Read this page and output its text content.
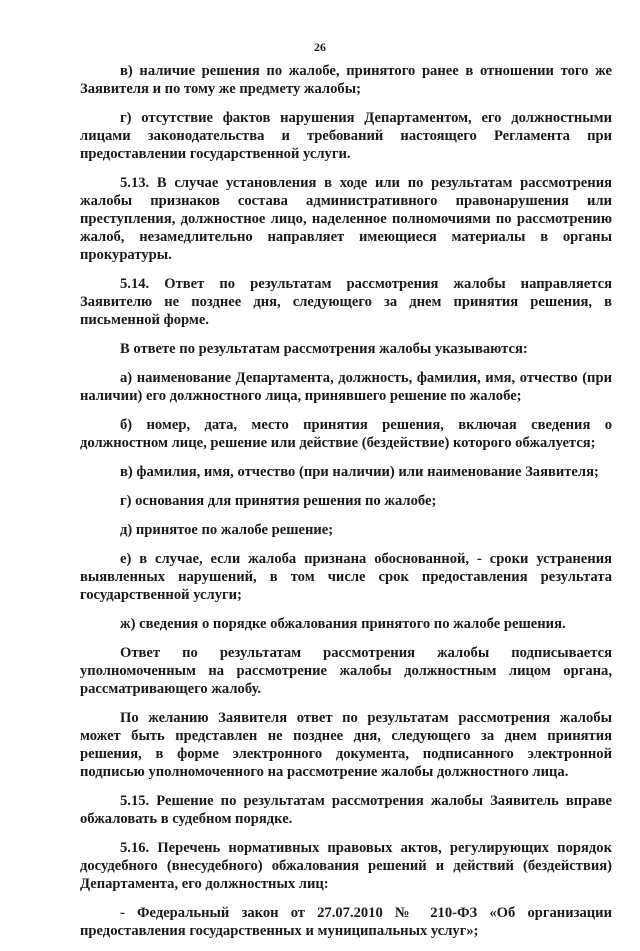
26

в) наличие решения по жалобе, принятого ранее в отношении того же Заявителя и по тому же предмету жалобы;

г) отсутствие фактов нарушения Департаментом, его должностными лицами законодательства и требований настоящего Регламента при предоставлении государственной услуги.

5.13. В случае установления в ходе или по результатам рассмотрения жалобы признаков состава административного правонарушения или преступления, должностное лицо, наделенное полномочиями по рассмотрению жалоб, незамедлительно направляет имеющиеся материалы в органы прокуратуры.

5.14. Ответ по результатам рассмотрения жалобы направляется Заявителю не позднее дня, следующего за днем принятия решения, в письменной форме.

В ответе по результатам рассмотрения жалобы указываются:

а) наименование Департамента, должность, фамилия, имя, отчество (при наличии) его должностного лица, принявшего решение по жалобе;

б) номер, дата, место принятия решения, включая сведения о должностном лице, решение или действие (бездействие) которого обжалуется;

в) фамилия, имя, отчество (при наличии) или наименование Заявителя;

г) основания для принятия решения по жалобе;

д) принятое по жалобе решение;

е) в случае, если жалоба признана обоснованной, - сроки устранения выявленных нарушений, в том числе срок предоставления результата государственной услуги;

ж) сведения о порядке обжалования принятого по жалобе решения.

Ответ по результатам рассмотрения жалобы подписывается уполномоченным на рассмотрение жалобы должностным лицом органа, рассматривающего жалобу.

По желанию Заявителя ответ по результатам рассмотрения жалобы может быть представлен не позднее дня, следующего за днем принятия решения, в форме электронного документа, подписанного электронной подписью уполномоченного на рассмотрение жалобы должностного лица.

5.15. Решение по результатам рассмотрения жалобы Заявитель вправе обжаловать в судебном порядке.

5.16. Перечень нормативных правовых актов, регулирующих порядок досудебного (внесудебного) обжалования решений и действий (бездействия) Департамента, его должностных лиц:

- Федеральный закон от 27.07.2010 № 210-ФЗ «Об организации предоставления государственных и муниципальных услуг»;
